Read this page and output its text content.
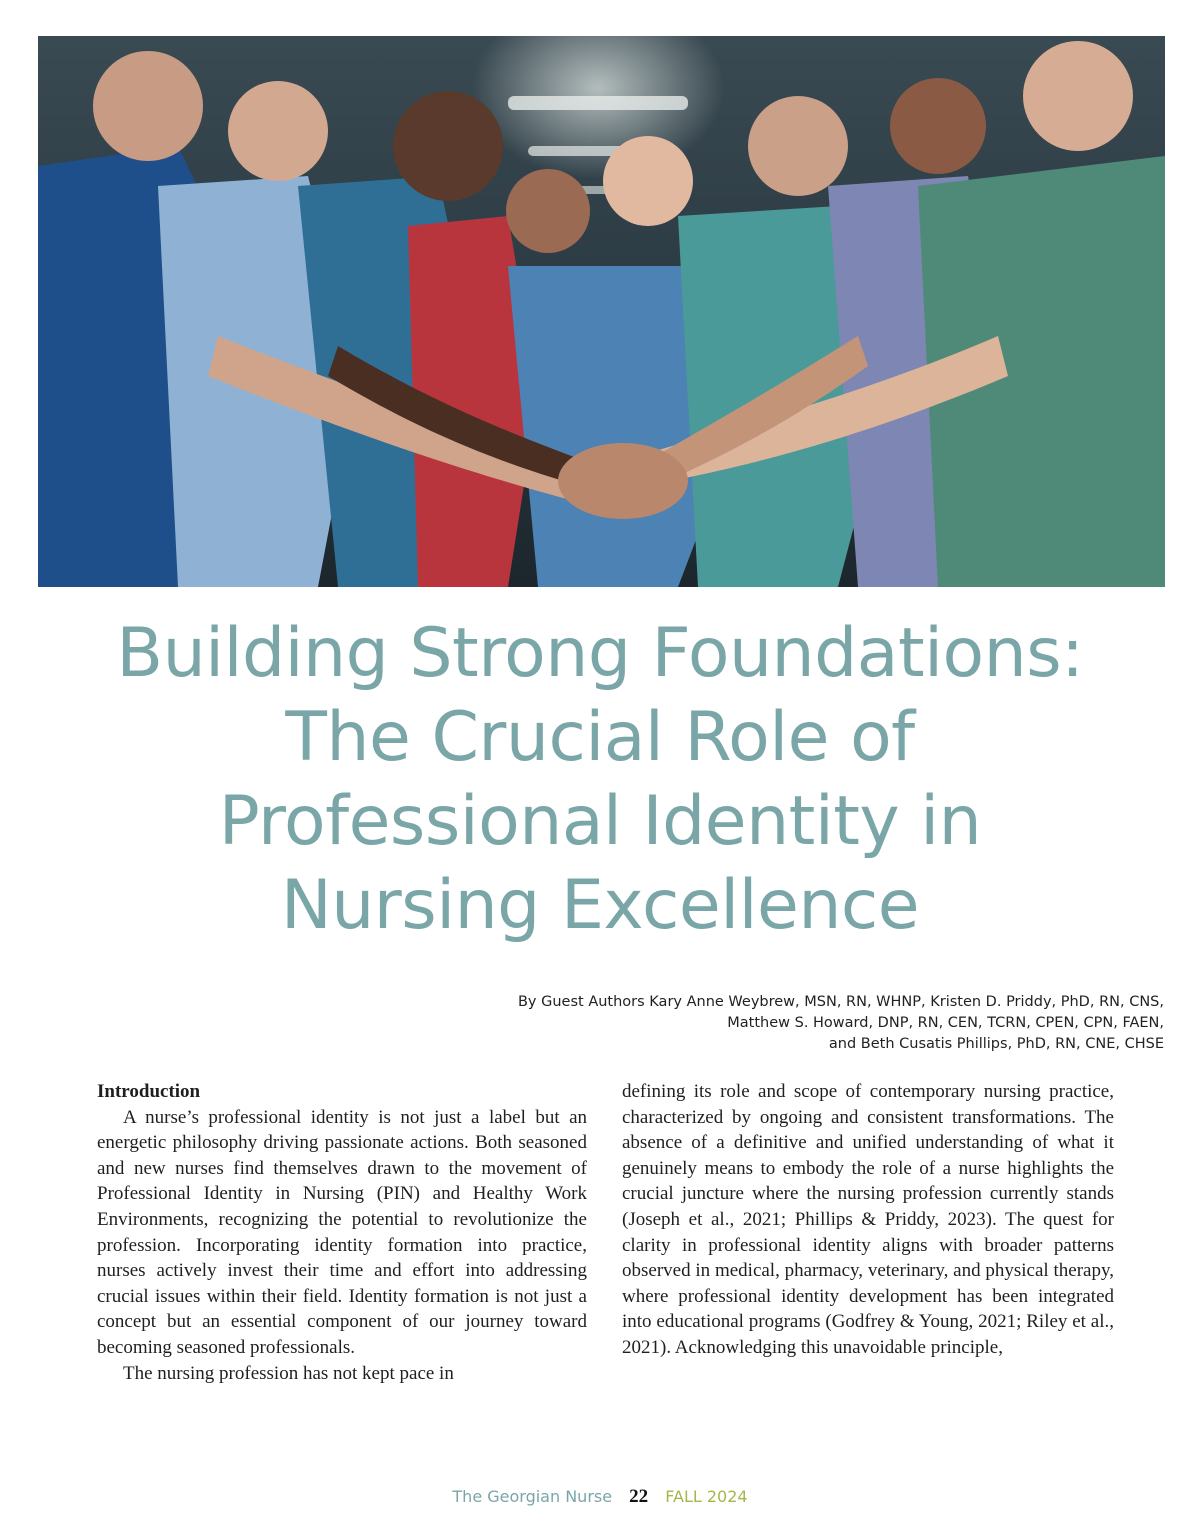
Building Strong Foundations:
The Crucial Role of
Professional Identity in
Nursing Excellence
By Guest Authors Kary Anne Weybrew, MSN, RN, WHNP, Kristen D. Priddy, PhD, RN, CNS,
Matthew S. Howard, DNP, RN, CEN, TCRN, CPEN, CPN, FAEN,
and Beth Cusatis Phillips, PhD, RN, CNE, CHSE
Introduction

A nurse’s professional identity is not just a label but an energetic philosophy driving passionate actions. Both seasoned and new nurses find themselves drawn to the movement of Professional Identity in Nursing (PIN) and Healthy Work Environments, recognizing the potential to revolutionize the profession. Incorporating identity formation into practice, nurses actively invest their time and effort into addressing crucial issues within their field. Identity formation is not just a concept but an essential component of our journey toward becoming seasoned professionals.

The nursing profession has not kept pace in

defining its role and scope of contemporary nursing practice, characterized by ongoing and consistent transformations. The absence of a definitive and unified understanding of what it genuinely means to embody the role of a nurse highlights the crucial juncture where the nursing profession currently stands (Joseph et al., 2021; Phillips & Priddy, 2023). The quest for clarity in professional identity aligns with broader patterns observed in medical, pharmacy, veterinary, and physical therapy, where professional identity development has been integrated into educational programs (Godfrey & Young, 2021; Riley et al., 2021). Acknowledging this unavoidable principle,

The Georgian Nurse 22 FALL 2024
